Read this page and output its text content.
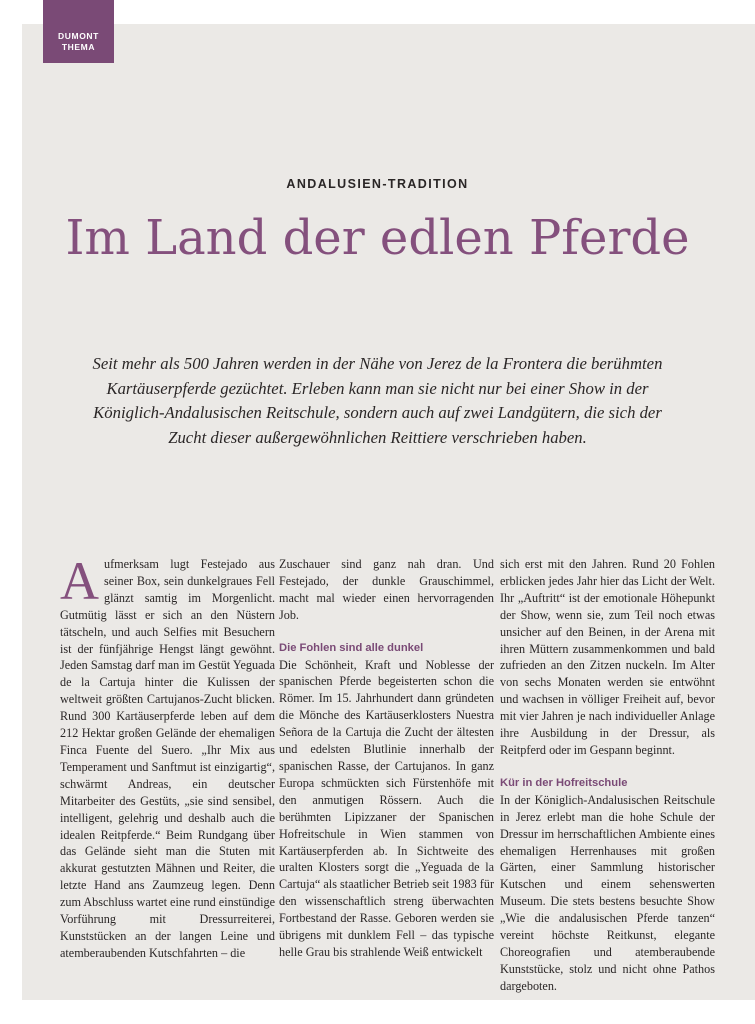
DUMONT
THEMA
ANDALUSIEN-TRADITION
Im Land der edlen Pferde

Seit mehr als 500 Jahren werden in der Nähe von Jerez de la Frontera die berühmten Kartäuserpferde gezüchtet. Erleben kann man sie nicht nur bei einer Show in der Königlich-Andalusischen Reitschule, sondern auch auf zwei Landgütern, die sich der Zucht dieser außergewöhnlichen Reittiere verschrieben haben.

Aufmerksam lugt Festejado aus seiner Box, sein dunkelgraues Fell glänzt samtig im Morgenlicht. Gutmütig lässt er sich an den Nüstern tätscheln, und auch Selfies mit Besuchern ist der fünfjährige Hengst längt gewöhnt. Jeden Samstag darf man im Gestüt Yeguada de la Cartuja hinter die Kulissen der weltweit größten Cartujanos-Zucht blicken. Rund 300 Kartäuserpferde leben auf dem 212 Hektar großen Gelände der ehemaligen Finca Fuente del Suero. „Ihr Mix aus Temperament und Sanftmut ist einzigartig“, schwärmt Andreas, ein deutscher Mitarbeiter des Gestüts, „sie sind sensibel, intelligent, gelehrig und deshalb auch die idealen Reitpferde.“ Beim Rundgang über das Gelände sieht man die Stuten mit akkurat gestutzten Mähnen und Reiter, die letzte Hand ans Zaumzeug legen. Denn zum Abschluss wartet eine rund einstündige Vorführung mit Dressurreiterei, Kunststücken an der langen Leine und atemberaubenden Kutschfahrten – die

Zuschauer sind ganz nah dran. Und Festejado, der dunkle Grauschimmel, macht mal wieder einen hervorragenden Job.

Die Fohlen sind alle dunkel

Die Schönheit, Kraft und Noblesse der spanischen Pferde begeisterten schon die Römer. Im 15. Jahrhundert dann gründeten die Mönche des Kartäuserklosters Nuestra Señora de la Cartuja die Zucht der ältesten und edelsten Blutlinie innerhalb der spanischen Rasse, der Cartujanos. In ganz Europa schmückten sich Fürstenhöfe mit den anmutigen Rössern. Auch die berühmten Lipizzaner der Spanischen Hofreitschule in Wien stammen von Kartäuserpferden ab. In Sichtweite des uralten Klosters sorgt die „Yeguada de la Cartuja“ als staatlicher Betrieb seit 1983 für den wissenschaftlich streng überwachten Fortbestand der Rasse. Geboren werden sie übrigens mit dunklem Fell – das typische helle Grau bis strahlende Weiß entwickelt

sich erst mit den Jahren. Rund 20 Fohlen erblicken jedes Jahr hier das Licht der Welt. Ihr „Auftritt“ ist der emotionale Höhepunkt der Show, wenn sie, zum Teil noch etwas unsicher auf den Beinen, in der Arena mit ihren Müttern zusammenkommen und bald zufrieden an den Zitzen nuckeln. Im Alter von sechs Monaten werden sie entwöhnt und wachsen in völliger Freiheit auf, bevor mit vier Jahren je nach individueller Anlage ihre Ausbildung in der Dressur, als Reitpferd oder im Gespann beginnt.

Kür in der Hofreitschule

In der Königlich-Andalusischen Reitschule in Jerez erlebt man die hohe Schule der Dressur im herrschaftlichen Ambiente eines ehemaligen Herrenhauses mit großen Gärten, einer Sammlung historischer Kutschen und einem sehenswerten Museum. Die stets bestens besuchte Show „Wie die andalusischen Pferde tanzen“ vereint höchste Reitkunst, elegante Choreografien und atemberaubende Kunststücke, stolz und nicht ohne Pathos dargeboten.
